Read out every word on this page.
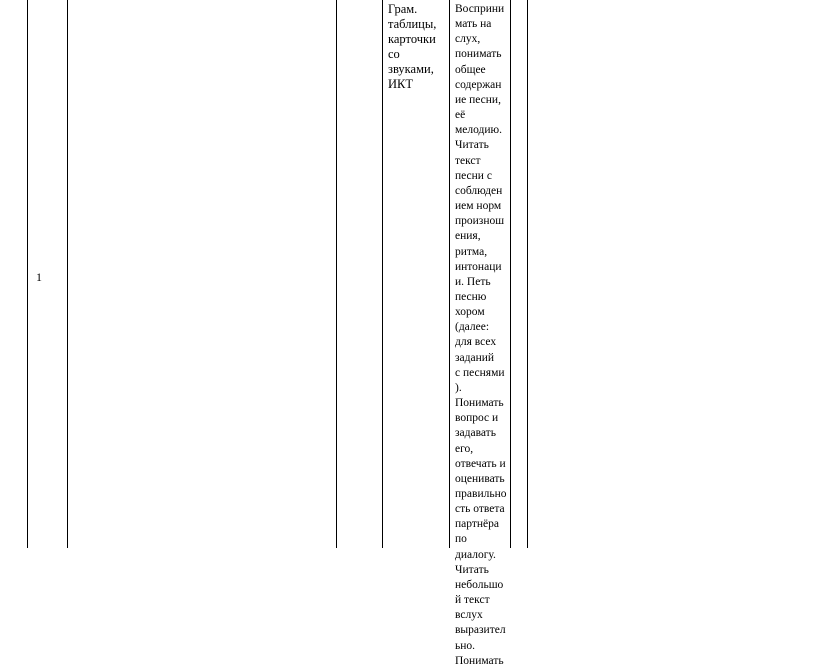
1
Грам.
таблицы,
карточки
со
звуками,
ИКТ
Восприни
мать на
слух,
понимать
общее
содержан
ие песни,
её
мелодию.
Читать
текст
песни с
соблюден
ием норм
произнош
ения,
ритма,
интонаци
и. Петь
песню
хором
(далее:
для всех
заданий
с песнями
).
Понимать
вопрос и
задавать
его,
отвечать и
оценивать
правильно
сть ответа
партнёра
по
диалогу.
Читать
небольшо
й текст
вслух
выразител
ьно.
Понимать
